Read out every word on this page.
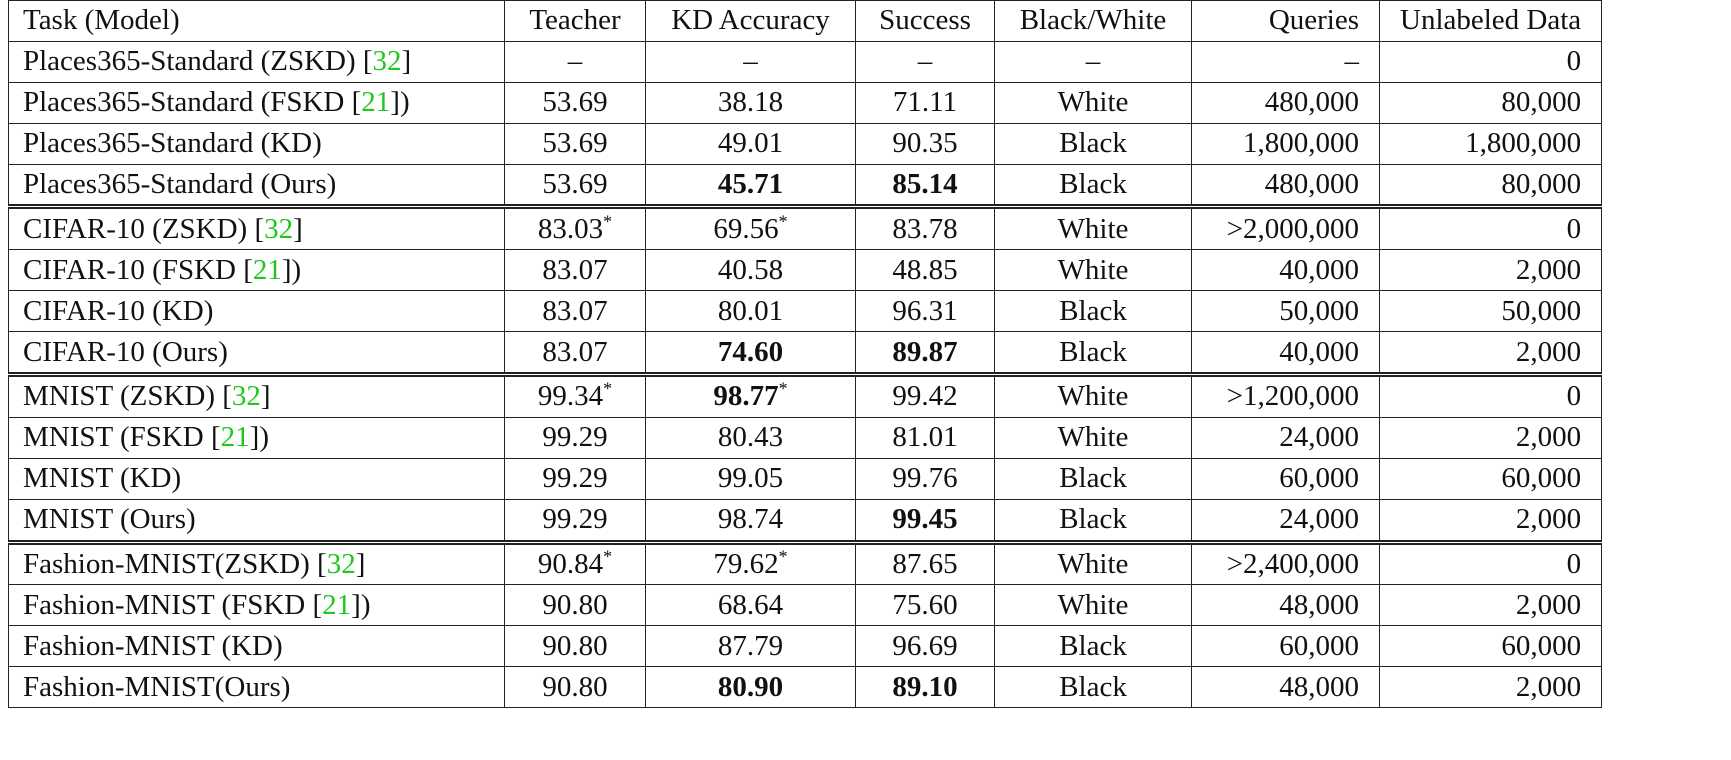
Task (Model)	Teacher	KD Accuracy	Success	Black/White	Queries	Unlabeled Data
Places365-Standard (ZSKD) [32]	–	–	–	–	–	0
Places365-Standard (FSKD [21])	53.69	38.18	71.11	White	480,000	80,000
Places365-Standard (KD)	53.69	49.01	90.35	Black	1,800,000	1,800,000
Places365-Standard (Ours)	53.69	45.71	85.14	Black	480,000	80,000
CIFAR-10 (ZSKD) [32]	83.03*	69.56*	83.78	White	>2,000,000	0
CIFAR-10 (FSKD [21])	83.07	40.58	48.85	White	40,000	2,000
CIFAR-10 (KD)	83.07	80.01	96.31	Black	50,000	50,000
CIFAR-10 (Ours)	83.07	74.60	89.87	Black	40,000	2,000
MNIST (ZSKD) [32]	99.34*	98.77*	99.42	White	>1,200,000	0
MNIST (FSKD [21])	99.29	80.43	81.01	White	24,000	2,000
MNIST (KD)	99.29	99.05	99.76	Black	60,000	60,000
MNIST (Ours)	99.29	98.74	99.45	Black	24,000	2,000
Fashion-MNIST(ZSKD) [32]	90.84*	79.62*	87.65	White	>2,400,000	0
Fashion-MNIST (FSKD [21])	90.80	68.64	75.60	White	48,000	2,000
Fashion-MNIST (KD)	90.80	87.79	96.69	Black	60,000	60,000
Fashion-MNIST(Ours)	90.80	80.90	89.10	Black	48,000	2,000
